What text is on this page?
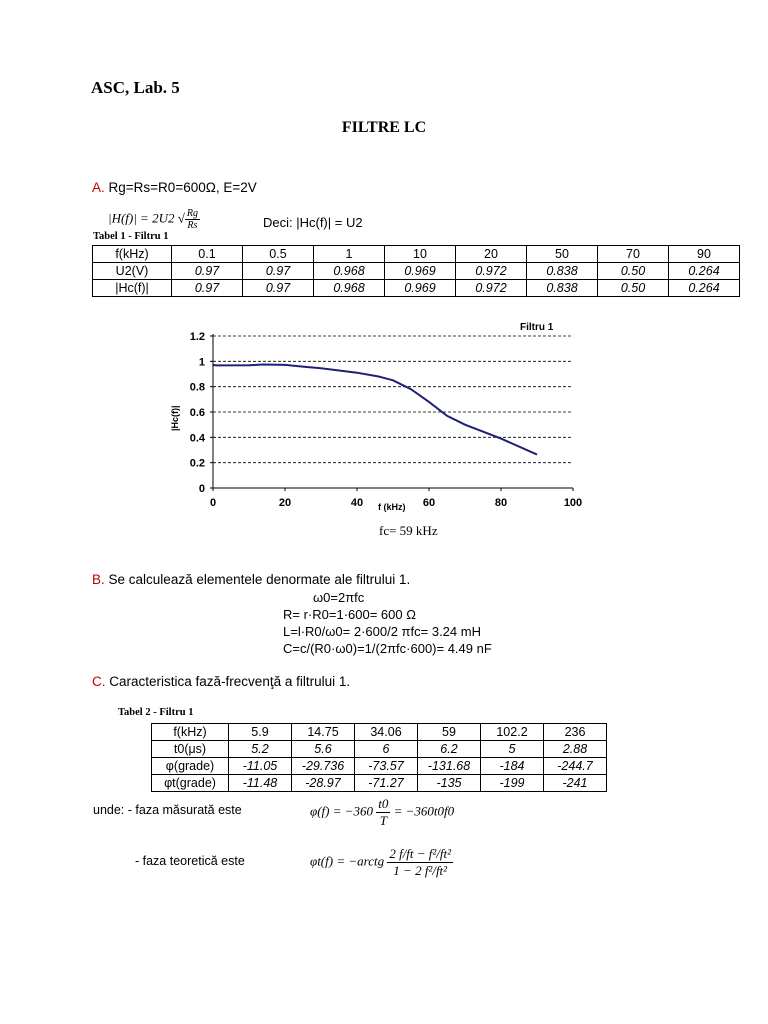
ASC, Lab. 5
FILTRE LC
A. Rg=Rs=R0=600Ω, E=2V
|H(f)| = 2U2 √ $\frac{Rg}{Rs}$	Deci: |Hc(f)| = U2
Tabel 1 - Filtru 1
f(kHz)	0.1	0.5	1	10	20	50	70	90
U2(V)	0.97	0.97	0.968	0.969	0.972	0.838	0.50	0.264
|Hc(f)|	0.97	0.97	0.968	0.969	0.972	0.838	0.50	0.264
0
0.2
0.4
0.6
0.8
1
1.2
0	20	40	60	80	100
Filtru 1
f (kHz)
|Hc(f)|
fc= 59 kHz
B. Se calculează elementele denormate ale filtrului 1.
ω0=2πfc
R= r·R0=1·600= 600 Ω
L=l·R0/ω0= 2·600/2 πfc= 3.24 mH
C=c/(R0·ω0)=1/(2πfc·600)= 4.49 nF
C. Caracteristica fază-frecvenţă a filtrului 1.
Tabel 2 - Filtru 1
f(kHz)	5.9	14.75	34.06	59	102.2	236
t0(μs)	5.2	5.6	6	6.2	5	2.88
φ(grade)	-11.05	-29.736	-73.57	-131.68	-184	-244.7
φt(grade)	-11.48	-28.97	-71.27	-135	-199	-241
unde: - faza măsurată este
- faza teoretică este
$\varphi(f) = -360 \frac{t0}{T} = -360t0f0$
φt(f) = −arctg $\frac{\text{2 f/ft − f²/ft²}}{\text{1 − 2 f²/ft²}}$
